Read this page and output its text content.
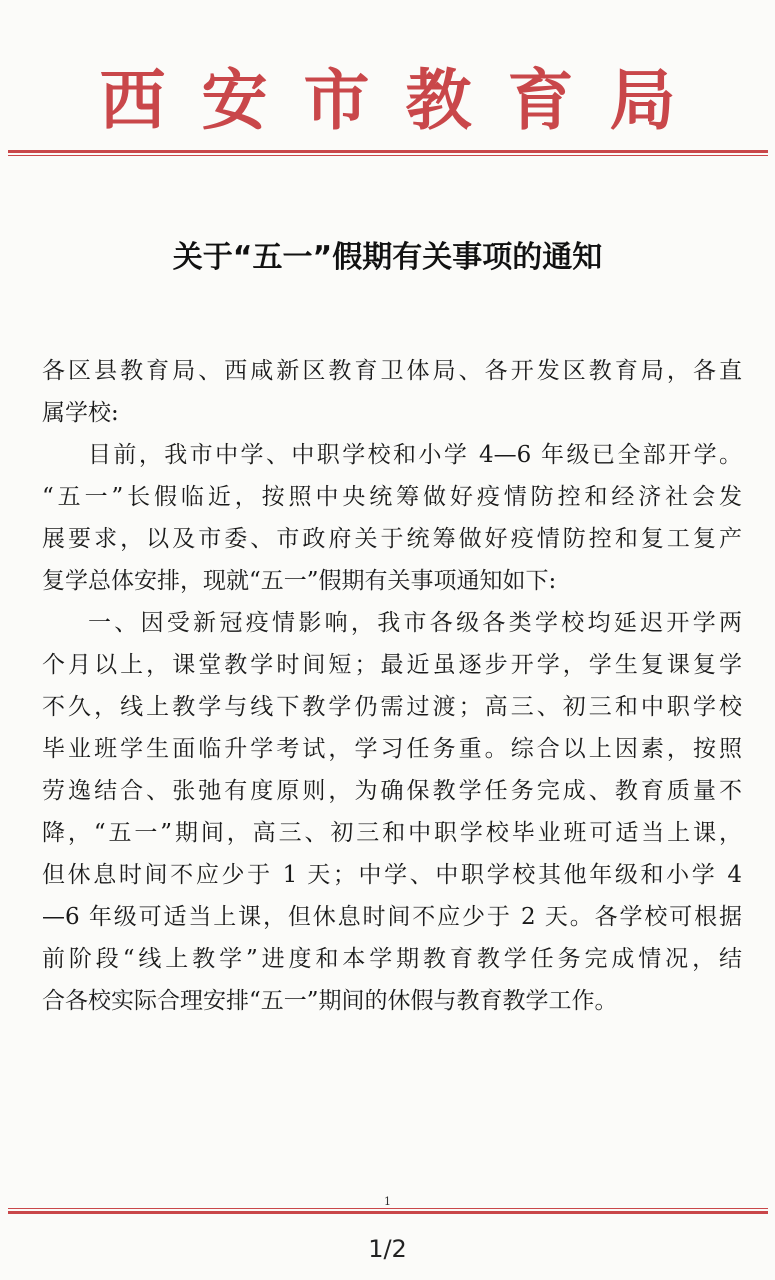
西安市教育局
关于“五一”假期有关事项的通知
各区县教育局、西咸新区教育卫体局、各开发区教育局，各直
属学校:
目前，我市中学、中职学校和小学 4—6 年级已全部开学。
“五一”长假临近，按照中央统筹做好疫情防控和经济社会发
展要求，以及市委、市政府关于统筹做好疫情防控和复工复产
复学总体安排，现就“五一”假期有关事项通知如下:
一、因受新冠疫情影响，我市各级各类学校均延迟开学两
个月以上，课堂教学时间短；最近虽逐步开学，学生复课复学
不久，线上教学与线下教学仍需过渡；高三、初三和中职学校
毕业班学生面临升学考试，学习任务重。综合以上因素，按照
劳逸结合、张弛有度原则，为确保教学任务完成、教育质量不
降，“五一”期间，高三、初三和中职学校毕业班可适当上课，
但休息时间不应少于 1 天；中学、中职学校其他年级和小学 4
—6 年级可适当上课，但休息时间不应少于 2 天。各学校可根据
前阶段“线上教学”进度和本学期教育教学任务完成情况，结
合各校实际合理安排“五一”期间的休假与教育教学工作。
1
1/2
